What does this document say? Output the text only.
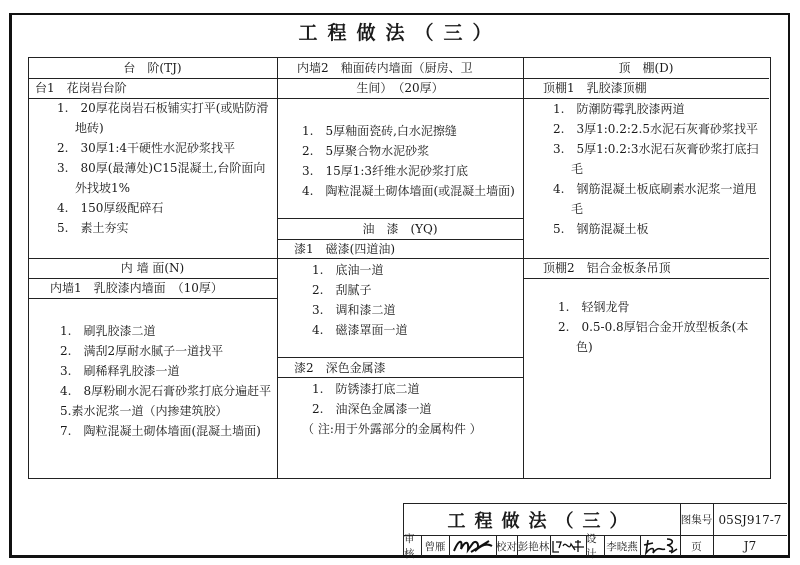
工程做法（三）
台　阶(TJ)
台1　花岗岩台阶
1.　20厚花岗岩石板铺实打平(或贴防滑地砖)
2.　30厚1:4干硬性水泥砂浆找平
3.　80厚(最薄处)C15混凝土,台阶面向外找坡1%
4.　150厚级配碎石
5.　素土夯实
内 墙 面(N)
内墙1　乳胶漆内墙面　（10厚）
1.　刷乳胶漆二道
2.　满刮2厚耐水腻子一道找平
3.　刷稀释乳胶漆一道
4.　8厚粉刷水泥石膏砂浆打底分遍赶平
5.素水泥浆一道（内掺建筑胶）
7.　陶粒混凝土砌体墙面(混凝土墙面)
内墙2　釉面砖内墙面（厨房、卫
生间）　（20厚）
1.　5厚釉面瓷砖,白水泥擦缝
2.　5厚聚合物水泥砂浆
3.　15厚1:3纤维水泥砂浆打底
4.　陶粒混凝土砌体墙面(或混凝土墙面)
油　漆　(YQ)
漆1　磁漆(四道油)
1.　底油一道
2.　刮腻子
3.　调和漆二道
4.　磁漆罩面一道
漆2　深色金属漆
1.　防锈漆打底二道
2.　油深色金属漆一道
（ 注:用于外露部分的金属构件 ）
顶　棚(D)
顶棚1　乳胶漆顶棚
1.　防潮防霉乳胶漆两道
2.　3厚1:0.2:2.5水泥石灰膏砂浆找平
3.　5厚1:0.2:3水泥石灰膏砂浆打底扫毛
4.　钢筋混凝土板底刷素水泥浆一道甩毛
5.　钢筋混凝土板
顶棚2　铝合金板条吊顶
1.　轻钢龙骨
2.　0.5-0.8厚铝合金开放型板条(本色)
工程做法（三）	图集号 05SJ917-7
审核
曾雁	校对 彭艳林
设计
李晓燕	页	J7
